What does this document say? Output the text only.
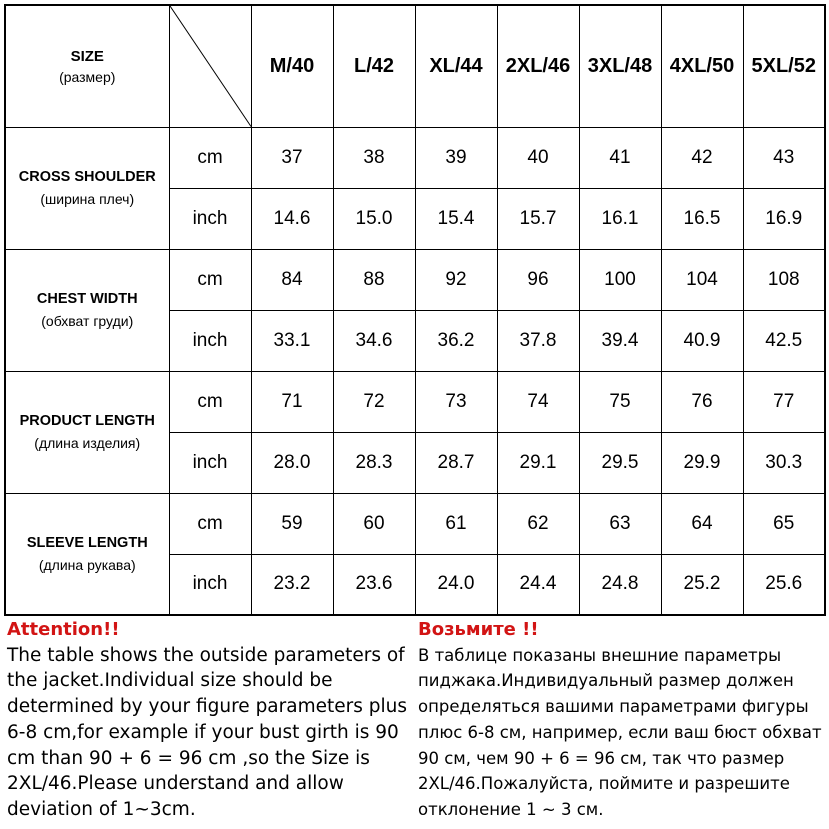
SIZE
(размер)		M/40	L/42	XL/44	2XL/46	3XL/48	4XL/50	5XL/52

CROSS SHOULDER
(ширина плеч)	cm	37	38	39	40	41	42	43
	inch	14.6	15.0	15.4	15.7	16.1	16.5	16.9

CHEST WIDTH
(обхват груди)	cm	84	88	92	96	100	104	108
	inch	33.1	34.6	36.2	37.8	39.4	40.9	42.5

PRODUCT LENGTH
(длина изделия)	cm	71	72	73	74	75	76	77
	inch	28.0	28.3	28.7	29.1	29.5	29.9	30.3

SLEEVE LENGTH
(длина рукава)	cm	59	60	61	62	63	64	65
	inch	23.2	23.6	24.0	24.4	24.8	25.2	25.6
Attention!!
The table shows the outside parameters of the jacket.Individual size should be determined by your figure parameters plus 6-8 cm,for example if your bust girth is 90 cm than 90 + 6 = 96 cm ,so the Size is 2XL/46.Please understand and allow deviation of 1~3cm.
Возьмите !!
В таблице показаны внешние параметры пиджака.Индивидуальный размер должен определяться вашими параметрами фигуры плюс 6-8 см, например, если ваш бюст обхват 90 см, чем 90 + 6 = 96 см, так что размер 2XL/46.Пожалуйста, поймите и разрешите отклонение 1 ~ 3 см.
